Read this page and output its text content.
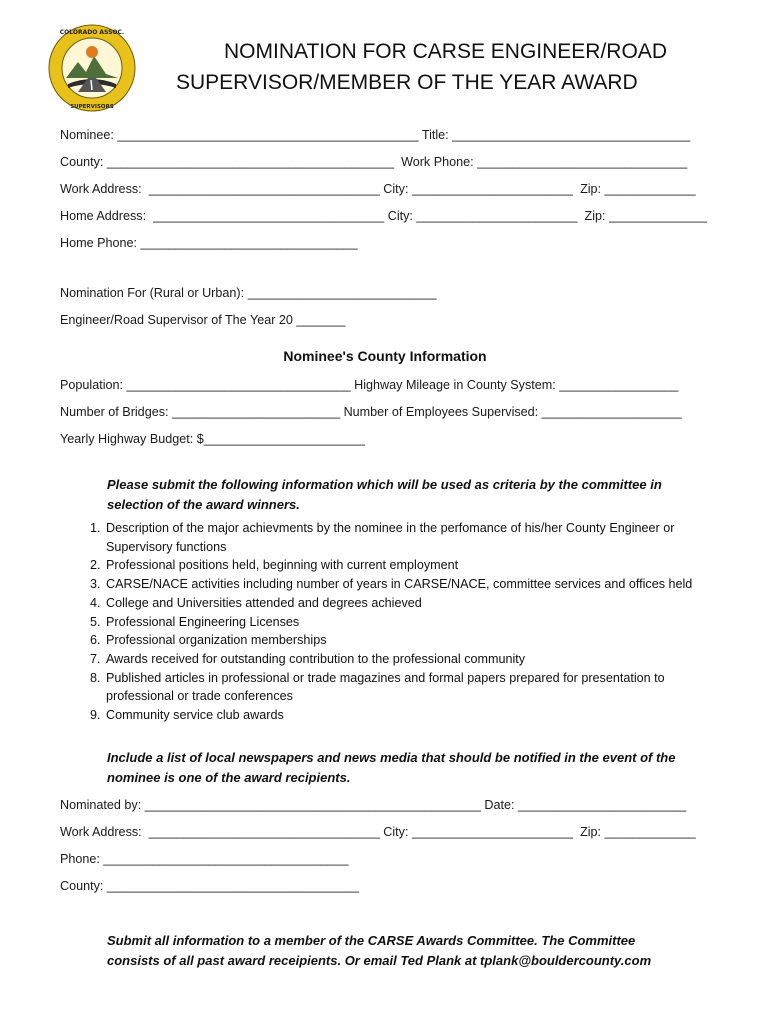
COLORADO ASSOC.
SUPERVISORS
NOMINATION FOR CARSE ENGINEER/ROAD
SUPERVISOR/MEMBER OF THE YEAR AWARD
Nominee: ___________________________________________ Title: __________________________________
County: _________________________________________  Work Phone: ______________________________
Work Address:  _________________________________ City: _______________________  Zip: _____________
Home Address:  _________________________________ City: _______________________  Zip: ______________
Home Phone: _______________________________
Nomination For (Rural or Urban): ___________________________
Engineer/Road Supervisor of The Year 20 _______
Nominee's County Information
Population: ________________________________ Highway Mileage in County System: _________________
Number of Bridges: ________________________ Number of Employees Supervised: ____________________
Yearly Highway Budget: $_______________________
Please submit the following information which will be used as criteria by the committee in selection of the award winners.
1. Description of the major achievments by the nominee in the perfomance of his/her County Engineer or Supervisory functions
2. Professional positions held, beginning with current employment
3. CARSE/NACE activities including number of years in CARSE/NACE, committee services and offices held
4. College and Universities attended and degrees achieved
5. Professional Engineering Licenses
6. Professional organization memberships
7. Awards received for outstanding contribution to the professional community
8. Published articles in professional or trade magazines and formal papers prepared for presentation to professional or trade conferences
9. Community service club awards
Include a list of local newspapers and news media that should be notified in the event of the nominee is one of the award recipients.
Nominated by: ________________________________________________ Date: ________________________
Work Address:  _________________________________ City: _______________________  Zip: _____________
Phone: ___________________________________
County: ____________________________________
Submit all information to a member of the CARSE Awards Committee. The Committee consists of all past award receipients. Or email Ted Plank at tplank@bouldercounty.com
